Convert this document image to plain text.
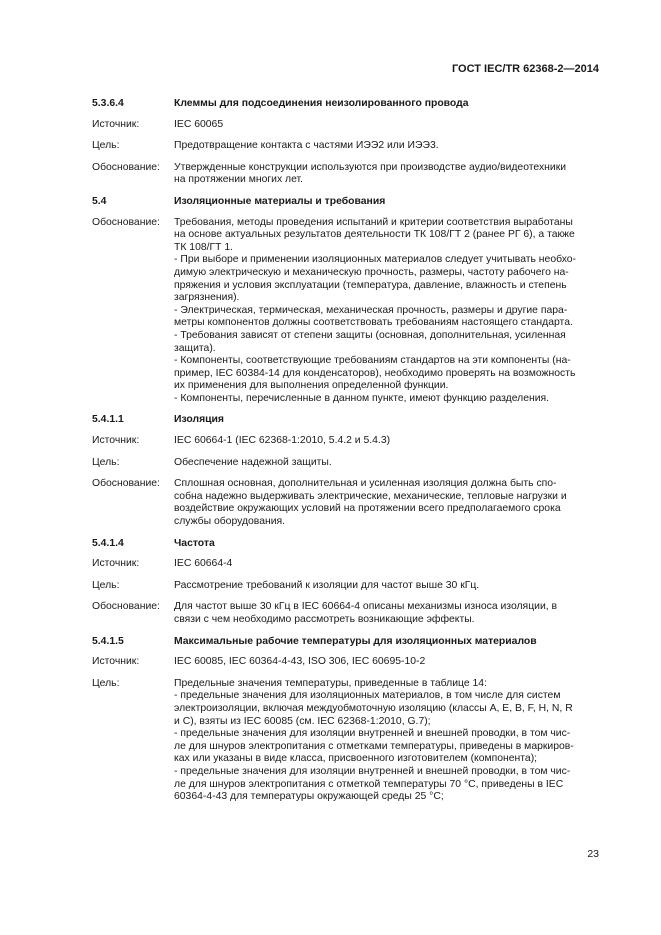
ГОСТ IEC/TR 62368-2—2014
5.3.6.4	Клеммы для подсоединения неизолированного провода
Источник:	IEC 60065
Цель:	Предотвращение контакта с частями ИЭЭ2 или ИЭЭ3.
Обоснование:	Утвержденные конструкции используются при производстве аудио/видеотехники
на протяжении многих лет.
5.4	Изоляционные материалы и требования
Обоснование:	Требования, методы проведения испытаний и критерии соответствия выработаны
на основе актуальных результатов деятельности ТК 108/ГТ 2 (ранее РГ 6), а также
ТК 108/ГТ 1.
- При выборе и применении изоляционных материалов следует учитывать необхо-
димую электрическую и механическую прочность, размеры, частоту рабочего на-
пряжения и условия эксплуатации (температура, давление, влажность и степень
загрязнения).
- Электрическая, термическая, механическая прочность, размеры и другие пара-
метры компонентов должны соответствовать требованиям настоящего стандарта.
- Требования зависят от степени защиты (основная, дополнительная, усиленная
защита).
- Компоненты, соответствующие требованиям стандартов на эти компоненты (на-
пример, IEC 60384-14 для конденсаторов), необходимо проверять на возможность
их применения для выполнения определенной функции.
- Компоненты, перечисленные в данном пункте, имеют функцию разделения.
5.4.1.1	Изоляция
Источник:	IEC 60664-1 (IEC 62368-1:2010, 5.4.2 и 5.4.3)
Цель:	Обеспечение надежной защиты.
Обоснование:	Сплошная основная, дополнительная и усиленная изоляция должна быть спо-
собна надежно выдерживать электрические, механические, тепловые нагрузки и
воздействие окружающих условий на протяжении всего предполагаемого срока
службы оборудования.
5.4.1.4	Частота
Источник:	IEC 60664-4
Цель:	Рассмотрение требований к изоляции для частот выше 30 кГц.
Обоснование:	Для частот выше 30 кГц в IEC 60664-4 описаны механизмы износа изоляции, в
связи с чем необходимо рассмотреть возникающие эффекты.
5.4.1.5	Максимальные рабочие температуры для изоляционных материалов
Источник:	IEC 60085, IEC 60364-4-43, ISO 306, IEC 60695-10-2
Цель:	Предельные значения температуры, приведенные в таблице 14:
- предельные значения для изоляционных материалов, в том числе для систем
электроизоляции, включая междуобмоточную изоляцию (классы A, E, B, F, H, N, R
и C), взяты из IEC 60085 (см. IEC 62368-1:2010, G.7);
- предельные значения для изоляции внутренней и внешней проводки, в том чис-
ле для шнуров электропитания с отметками температуры, приведены в маркиров-
ках или указаны в виде класса, присвоенного изготовителем (компонента);
- предельные значения для изоляции внутренней и внешней проводки, в том чис-
ле для шнуров электропитания с отметкой температуры 70 °С, приведены в IEC
60364-4-43 для температуры окружающей среды 25 °С;
23
